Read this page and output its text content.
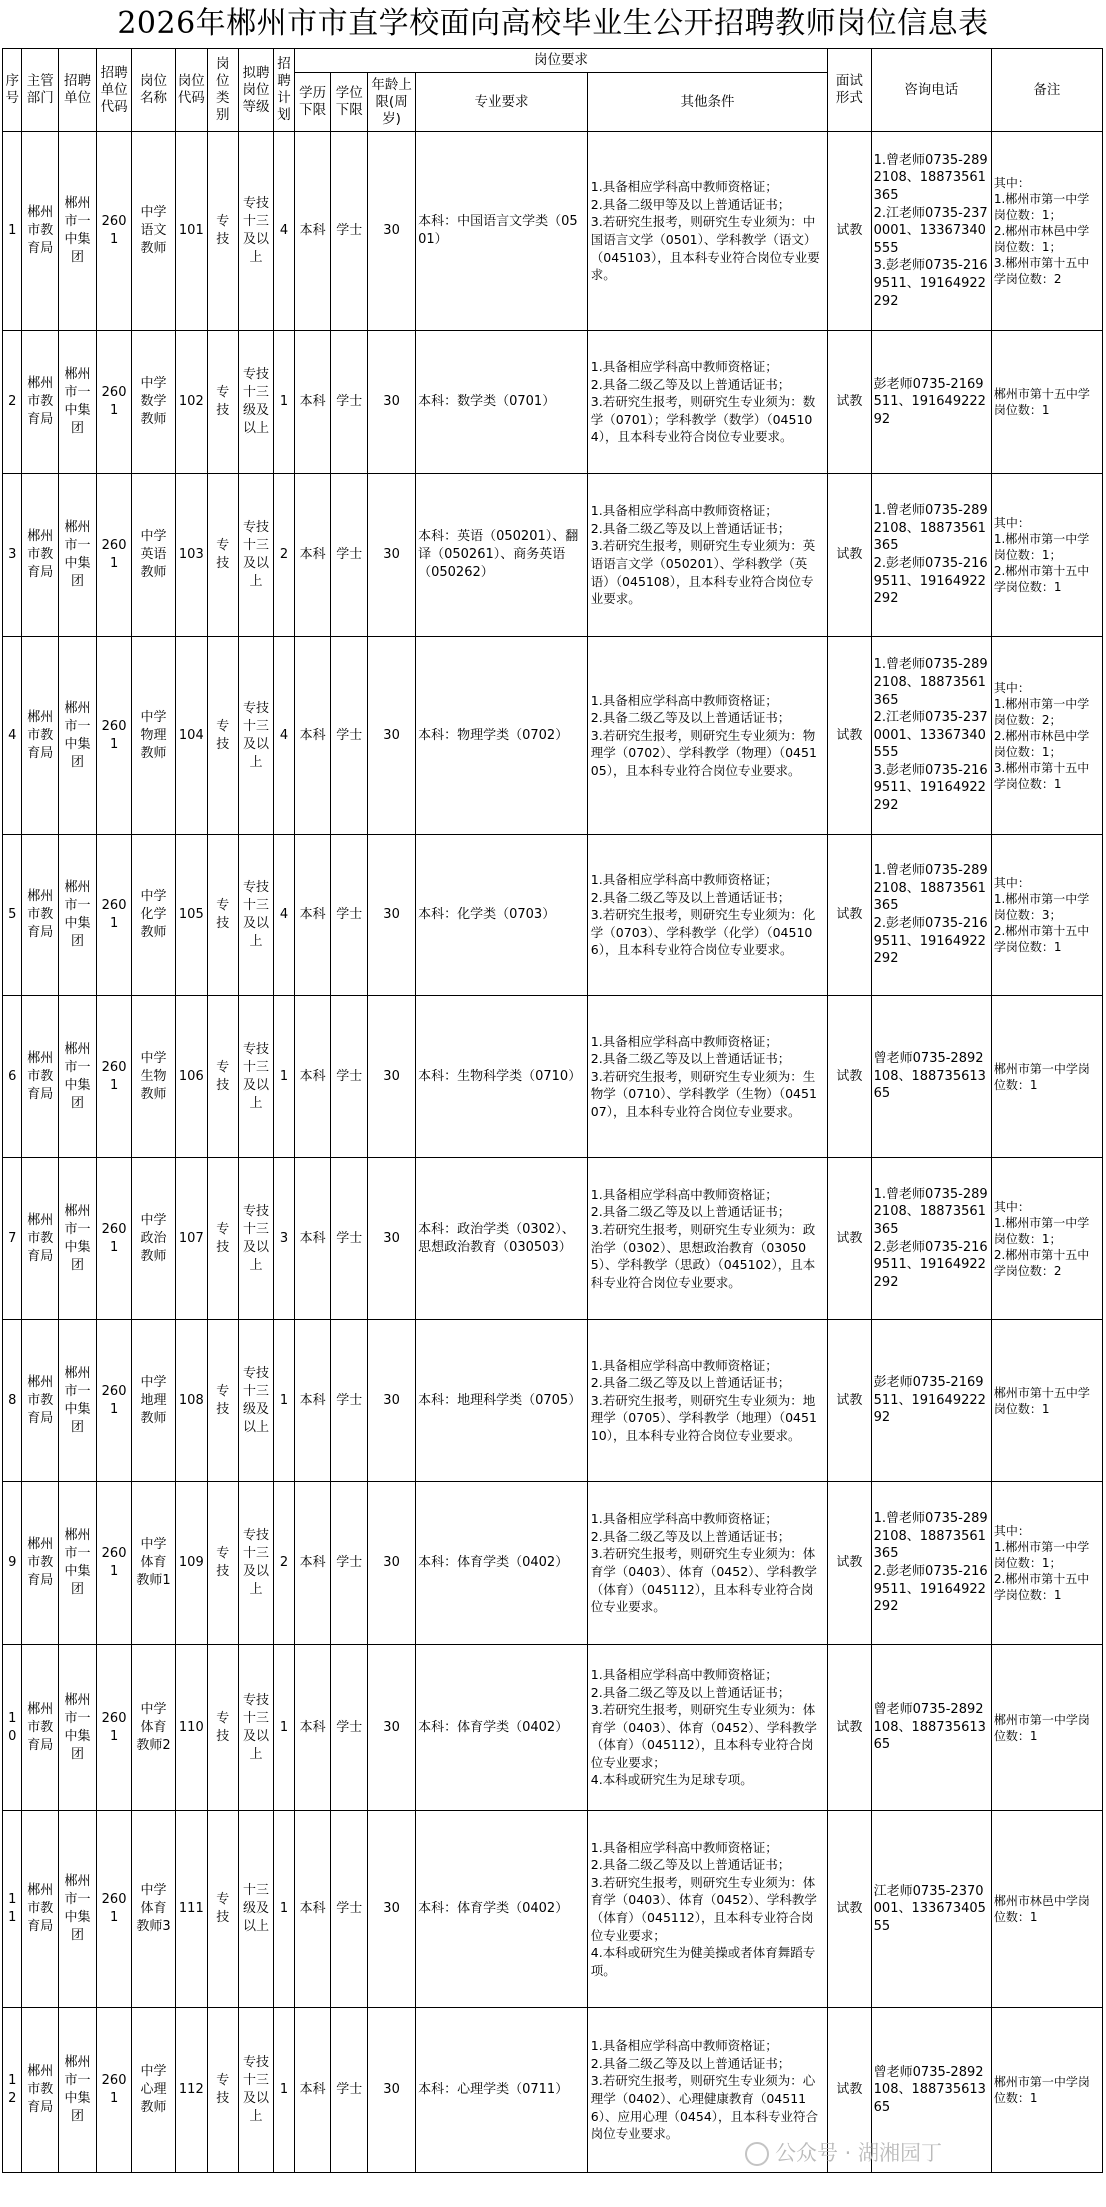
2026年郴州市市直学校面向高校毕业生公开招聘教师岗位信息表
序号	主管部门	招聘单位	招聘单位代码	岗位名称	岗位代码	岗位类别	拟聘岗位等级	招聘计划	岗位要求					面试形式	咨询电话	备注
									学历下限	学位下限	年龄上限(周岁)	专业要求	其他条件			
1	郴州市教育局	郴州市一中集团	2601	中学语文教师	101	专技	专技十三及以上	4	本科	学士	30	本科：中国语言文学类（0501）	1.具备相应学科高中教师资格证；
2.具备二级甲等及以上普通话证书；
3.若研究生报考，则研究生专业须为：中国语言文学（0501）、学科教学（语文）（045103），且本科专业符合岗位专业要求。	试教	1.曾老师0735-2892108、18873561365
2.江老师0735-2370001、13367340555
3.彭老师0735-2169511、19164922292	其中：
1.郴州市第一中学岗位数：1；
2.郴州市林邑中学岗位数：1；
3.郴州市第十五中学岗位数：2
2	郴州市教育局	郴州市一中集团	2601	中学数学教师	102	专技	专技十三级及以上	1	本科	学士	30	本科：数学类（0701）	1.具备相应学科高中教师资格证；
2.具备二级乙等及以上普通话证书；
3.若研究生报考，则研究生专业须为：数学（0701）；学科教学（数学）（045104），且本科专业符合岗位专业要求。	试教	彭老师0735-2169511、19164922292	郴州市第十五中学岗位数：1
3	郴州市教育局	郴州市一中集团	2601	中学英语教师	103	专技	专技十三及以上	2	本科	学士	30	本科：英语（050201）、翻译（050261）、商务英语（050262）	1.具备相应学科高中教师资格证；
2.具备二级乙等及以上普通话证书；
3.若研究生报考，则研究生专业须为：英语语言文学（050201）、学科教学（英语）（045108），且本科专业符合岗位专业要求。	试教	1.曾老师0735-2892108、18873561365
2.彭老师0735-2169511、19164922292	其中：
1.郴州市第一中学岗位数：1；
2.郴州市第十五中学岗位数：1
4	郴州市教育局	郴州市一中集团	2601	中学物理教师	104	专技	专技十三及以上	4	本科	学士	30	本科：物理学类（0702）	1.具备相应学科高中教师资格证；
2.具备二级乙等及以上普通话证书；
3.若研究生报考，则研究生专业须为：物理学（0702）、学科教学（物理）（045105），且本科专业符合岗位专业要求。	试教	1.曾老师0735-2892108、18873561365
2.江老师0735-2370001、13367340555
3.彭老师0735-2169511、19164922292	其中：
1.郴州市第一中学岗位数：2；
2.郴州市林邑中学岗位数：1；
3.郴州市第十五中学岗位数：1
5	郴州市教育局	郴州市一中集团	2601	中学化学教师	105	专技	专技十三及以上	4	本科	学士	30	本科：化学类（0703）	1.具备相应学科高中教师资格证；
2.具备二级乙等及以上普通话证书；
3.若研究生报考，则研究生专业须为：化学（0703）、学科教学（化学）（045106），且本科专业符合岗位专业要求。	试教	1.曾老师0735-2892108、18873561365
2.彭老师0735-2169511、19164922292	其中：
1.郴州市第一中学岗位数：3；
2.郴州市第十五中学岗位数：1
6	郴州市教育局	郴州市一中集团	2601	中学生物教师	106	专技	专技十三及以上	1	本科	学士	30	本科：生物科学类（0710）	1.具备相应学科高中教师资格证；
2.具备二级乙等及以上普通话证书；
3.若研究生报考，则研究生专业须为：生物学（0710）、学科教学（生物）（045107），且本科专业符合岗位专业要求。	试教	曾老师0735-2892108、18873561365	郴州市第一中学岗位数：1
7	郴州市教育局	郴州市一中集团	2601	中学政治教师	107	专技	专技十三及以上	3	本科	学士	30	本科：政治学类（0302）、思想政治教育（030503）	1.具备相应学科高中教师资格证；
2.具备二级乙等及以上普通话证书；
3.若研究生报考，则研究生专业须为：政治学（0302）、思想政治教育（030505）、学科教学（思政）（045102），且本科专业符合岗位专业要求。	试教	1.曾老师0735-2892108、18873561365
2.彭老师0735-2169511、19164922292	其中：
1.郴州市第一中学岗位数：1；
2.郴州市第十五中学岗位数：2
8	郴州市教育局	郴州市一中集团	2601	中学地理教师	108	专技	专技十三级及以上	1	本科	学士	30	本科：地理科学类（0705）	1.具备相应学科高中教师资格证；
2.具备二级乙等及以上普通话证书；
3.若研究生报考，则研究生专业须为：地理学（0705）、学科教学（地理）（045110），且本科专业符合岗位专业要求。	试教	彭老师0735-2169511、19164922292	郴州市第十五中学岗位数：1
9	郴州市教育局	郴州市一中集团	2601	中学体育教师1	109	专技	专技十三及以上	2	本科	学士	30	本科：体育学类（0402）	1.具备相应学科高中教师资格证；
2.具备二级乙等及以上普通话证书；
3.若研究生报考，则研究生专业须为：体育学（0403）、体育（0452）、学科教学（体育）（045112），且本科专业符合岗位专业要求。	试教	1.曾老师0735-2892108、18873561365
2.彭老师0735-2169511、19164922292	其中：
1.郴州市第一中学岗位数：1；
2.郴州市第十五中学岗位数：1
10	郴州市教育局	郴州市一中集团	2601	中学体育教师2	110	专技	专技十三及以上	1	本科	学士	30	本科：体育学类（0402）	1.具备相应学科高中教师资格证；
2.具备二级乙等及以上普通话证书；
3.若研究生报考，则研究生专业须为：体育学（0403）、体育（0452）、学科教学（体育）（045112），且本科专业符合岗位专业要求；
4.本科或研究生为足球专项。	试教	曾老师0735-2892108、18873561365	郴州市第一中学岗位数：1
11	郴州市教育局	郴州市一中集团	2601	中学体育教师3	111	专技	十三级及以上	1	本科	学士	30	本科：体育学类（0402）	1.具备相应学科高中教师资格证；
2.具备二级乙等及以上普通话证书；
3.若研究生报考，则研究生专业须为：体育学（0403）、体育（0452）、学科教学（体育）（045112），且本科专业符合岗位专业要求；
4.本科或研究生为健美操或者体育舞蹈专项。	试教	江老师0735-2370001、13367340555	郴州市林邑中学岗位数：1
12	郴州市教育局	郴州市一中集团	2601	中学心理教师	112	专技	专技十三及以上	1	本科	学士	30	本科：心理学类（0711）	1.具备相应学科高中教师资格证；
2.具备二级乙等及以上普通话证书；
3.若研究生报考，则研究生专业须为：心理学（0402）、心理健康教育（045116）、应用心理（0454），且本科专业符合岗位专业要求。	试教	曾老师0735-2892108、18873561365	郴州市第一中学岗位数：1
公众号 · 湖湘园丁
